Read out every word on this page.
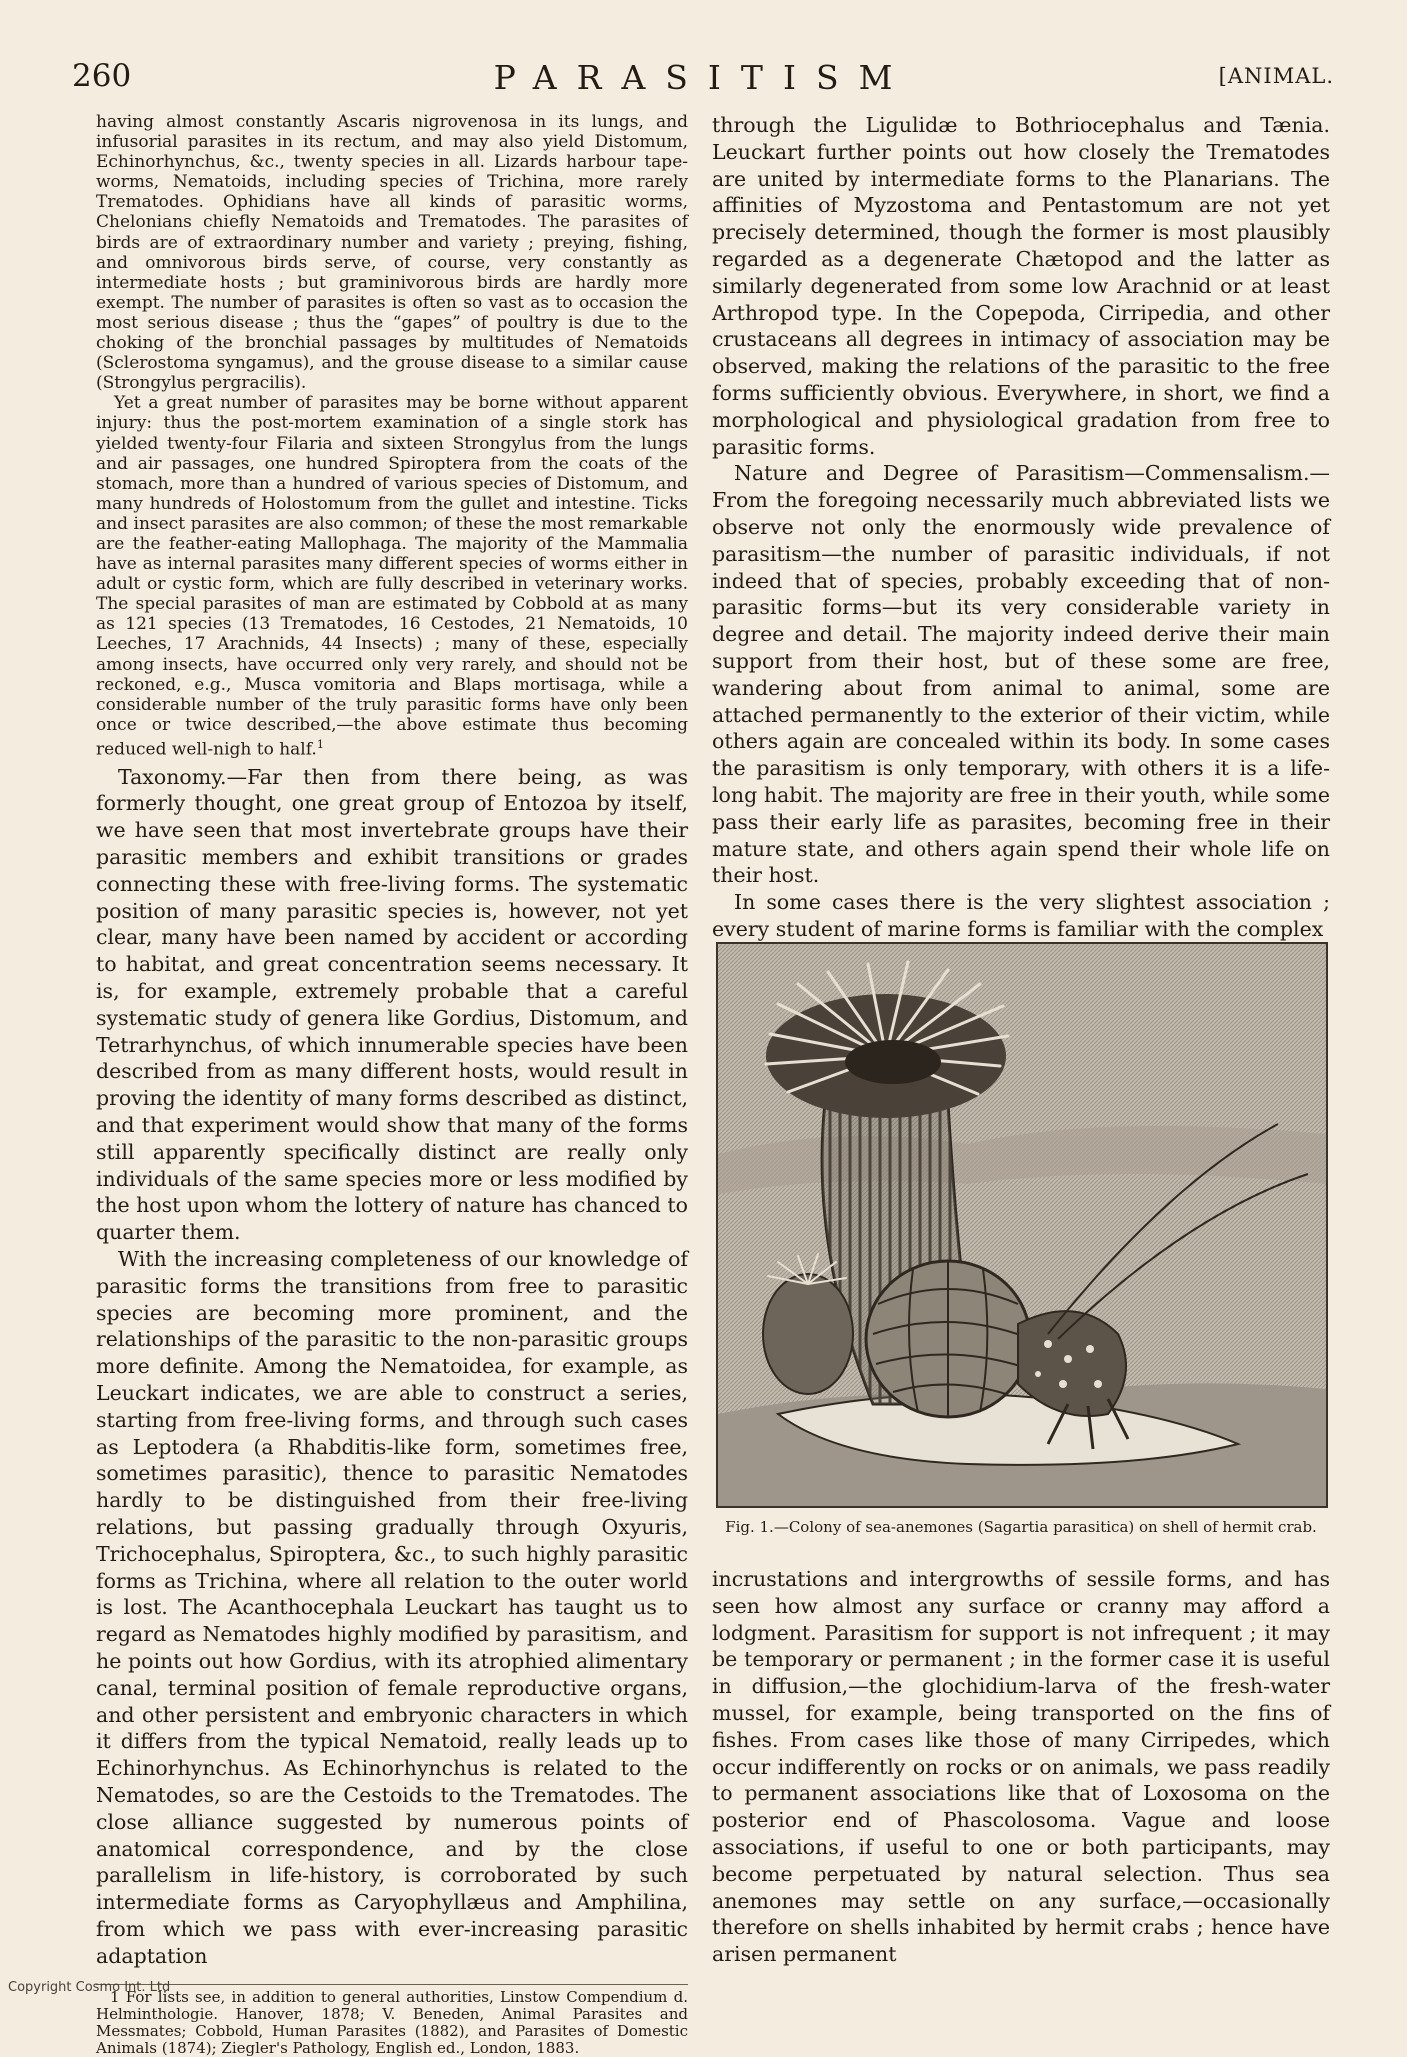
260	PARASITISM	[ANIMAL.

having almost constantly Ascaris nigrovenosa in its lungs, and infusorial parasites in its rectum, and may also yield Distomum, Echinorhynchus, &c., twenty species in all. Lizards harbour tape-worms, Nematoids, including species of Trichina, more rarely Trematodes. Ophidians have all kinds of parasitic worms, Chelonians chiefly Nematoids and Trematodes. The parasites of birds are of extraordinary number and variety ; preying, fishing, and omnivorous birds serve, of course, very constantly as intermediate hosts ; but graminivorous birds are hardly more exempt. The number of parasites is often so vast as to occasion the most serious disease ; thus the “gapes” of poultry is due to the choking of the bronchial passages by multitudes of Nematoids (Sclerostoma syngamus), and the grouse disease to a similar cause (Strongylus pergracilis).

Yet a great number of parasites may be borne without apparent injury: thus the post-mortem examination of a single stork has yielded twenty-four Filaria and sixteen Strongylus from the lungs and air passages, one hundred Spiroptera from the coats of the stomach, more than a hundred of various species of Distomum, and many hundreds of Holostomum from the gullet and intestine. Ticks and insect parasites are also common; of these the most remarkable are the feather-eating Mallophaga. The majority of the Mammalia have as internal parasites many different species of worms either in adult or cystic form, which are fully described in veterinary works. The special parasites of man are estimated by Cobbold at as many as 121 species (13 Trematodes, 16 Cestodes, 21 Nematoids, 10 Leeches, 17 Arachnids, 44 Insects) ; many of these, especially among insects, have occurred only very rarely, and should not be reckoned, e.g., Musca vomitoria and Blaps mortisaga, while a considerable number of the truly parasitic forms have only been once or twice described,—the above estimate thus becoming reduced well-nigh to half.$^1$

Taxonomy.—Far then from there being, as was formerly thought, one great group of Entozoa by itself, we have seen that most invertebrate groups have their parasitic members and exhibit transitions or grades connecting these with free-living forms. The systematic position of many parasitic species is, however, not yet clear, many have been named by accident or according to habitat, and great concentration seems necessary. It is, for example, extremely probable that a careful systematic study of genera like Gordius, Distomum, and Tetrarhynchus, of which innumerable species have been described from as many different hosts, would result in proving the identity of many forms described as distinct, and that experiment would show that many of the forms still apparently specifically distinct are really only individuals of the same species more or less modified by the host upon whom the lottery of nature has chanced to quarter them.

With the increasing completeness of our knowledge of parasitic forms the transitions from free to parasitic species are becoming more prominent, and the relationships of the parasitic to the non-parasitic groups more definite. Among the Nematoidea, for example, as Leuckart indicates, we are able to construct a series, starting from free-living forms, and through such cases as Leptodera (a Rhabditis-like form, sometimes free, sometimes parasitic), thence to parasitic Nematodes hardly to be distinguished from their free-living relations, but passing gradually through Oxyuris, Trichocephalus, Spiroptera, &c., to such highly parasitic forms as Trichina, where all relation to the outer world is lost. The Acanthocephala Leuckart has taught us to regard as Nematodes highly modified by parasitism, and he points out how Gordius, with its atrophied alimentary canal, terminal position of female reproductive organs, and other persistent and embryonic characters in which it differs from the typical Nematoid, really leads up to Echinorhynchus. As Echinorhynchus is related to the Nematodes, so are the Cestoids to the Trematodes. The close alliance suggested by numerous points of anatomical correspondence, and by the close parallelism in life-history, is corroborated by such intermediate forms as Caryophyllæus and Amphilina, from which we pass with ever-increasing parasitic adaptation

1 For lists see, in addition to general authorities, Linstow Compendium d. Helminthologie. Hanover, 1878; V. Beneden, Animal Parasites and Messmates; Cobbold, Human Parasites (1882), and Parasites of Domestic Animals (1874); Ziegler's Pathology, English ed., London, 1883.

through the Ligulidæ to Bothriocephalus and Tænia. Leuckart further points out how closely the Trematodes are united by intermediate forms to the Planarians. The affinities of Myzostoma and Pentastomum are not yet precisely determined, though the former is most plausibly regarded as a degenerate Chætopod and the latter as similarly degenerated from some low Arachnid or at least Arthropod type. In the Copepoda, Cirripedia, and other crustaceans all degrees in intimacy of association may be observed, making the relations of the parasitic to the free forms sufficiently obvious. Everywhere, in short, we find a morphological and physiological gradation from free to parasitic forms.

Nature and Degree of Parasitism—Commensalism.— From the foregoing necessarily much abbreviated lists we observe not only the enormously wide prevalence of parasitism—the number of parasitic individuals, if not indeed that of species, probably exceeding that of non-parasitic forms—but its very considerable variety in degree and detail. The majority indeed derive their main support from their host, but of these some are free, wandering about from animal to animal, some are attached permanently to the exterior of their victim, while others again are concealed within its body. In some cases the parasitism is only temporary, with others it is a life-long habit. The majority are free in their youth, while some pass their early life as parasites, becoming free in their mature state, and others again spend their whole life on their host.

In some cases there is the very slightest association ; every student of marine forms is familiar with the complex

Fig. 1.—Colony of sea-anemones (Sagartia parasitica) on shell of hermit crab.

incrustations and intergrowths of sessile forms, and has seen how almost any surface or cranny may afford a lodgment. Parasitism for support is not infrequent ; it may be temporary or permanent ; in the former case it is useful in diffusion,—the glochidium-larva of the fresh-water mussel, for example, being transported on the fins of fishes. From cases like those of many Cirripedes, which occur indifferently on rocks or on animals, we pass readily to permanent associations like that of Loxosoma on the posterior end of Phascolosoma. Vague and loose associations, if useful to one or both participants, may become perpetuated by natural selection. Thus sea anemones may settle on any surface,—occasionally therefore on shells inhabited by hermit crabs ; hence have arisen permanent

Copyright Cosmo Int. Ltd
